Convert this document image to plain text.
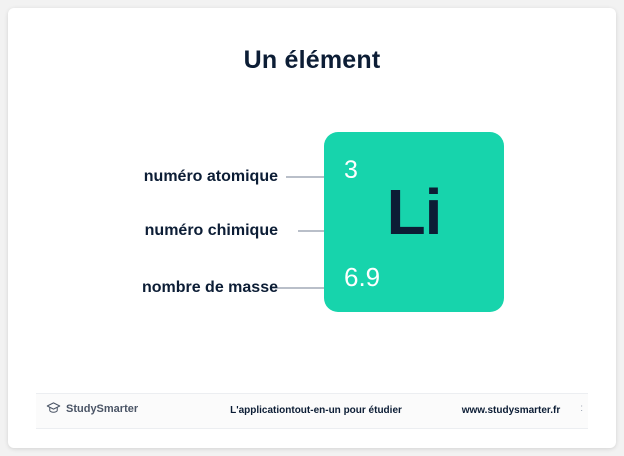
Un élément
numéro atomique
numéro chimique
nombre de masse
3
Li
6.9
StudySmarter	L'applicationtout-en-un pour étudier	www.studysmarter.fr	:
